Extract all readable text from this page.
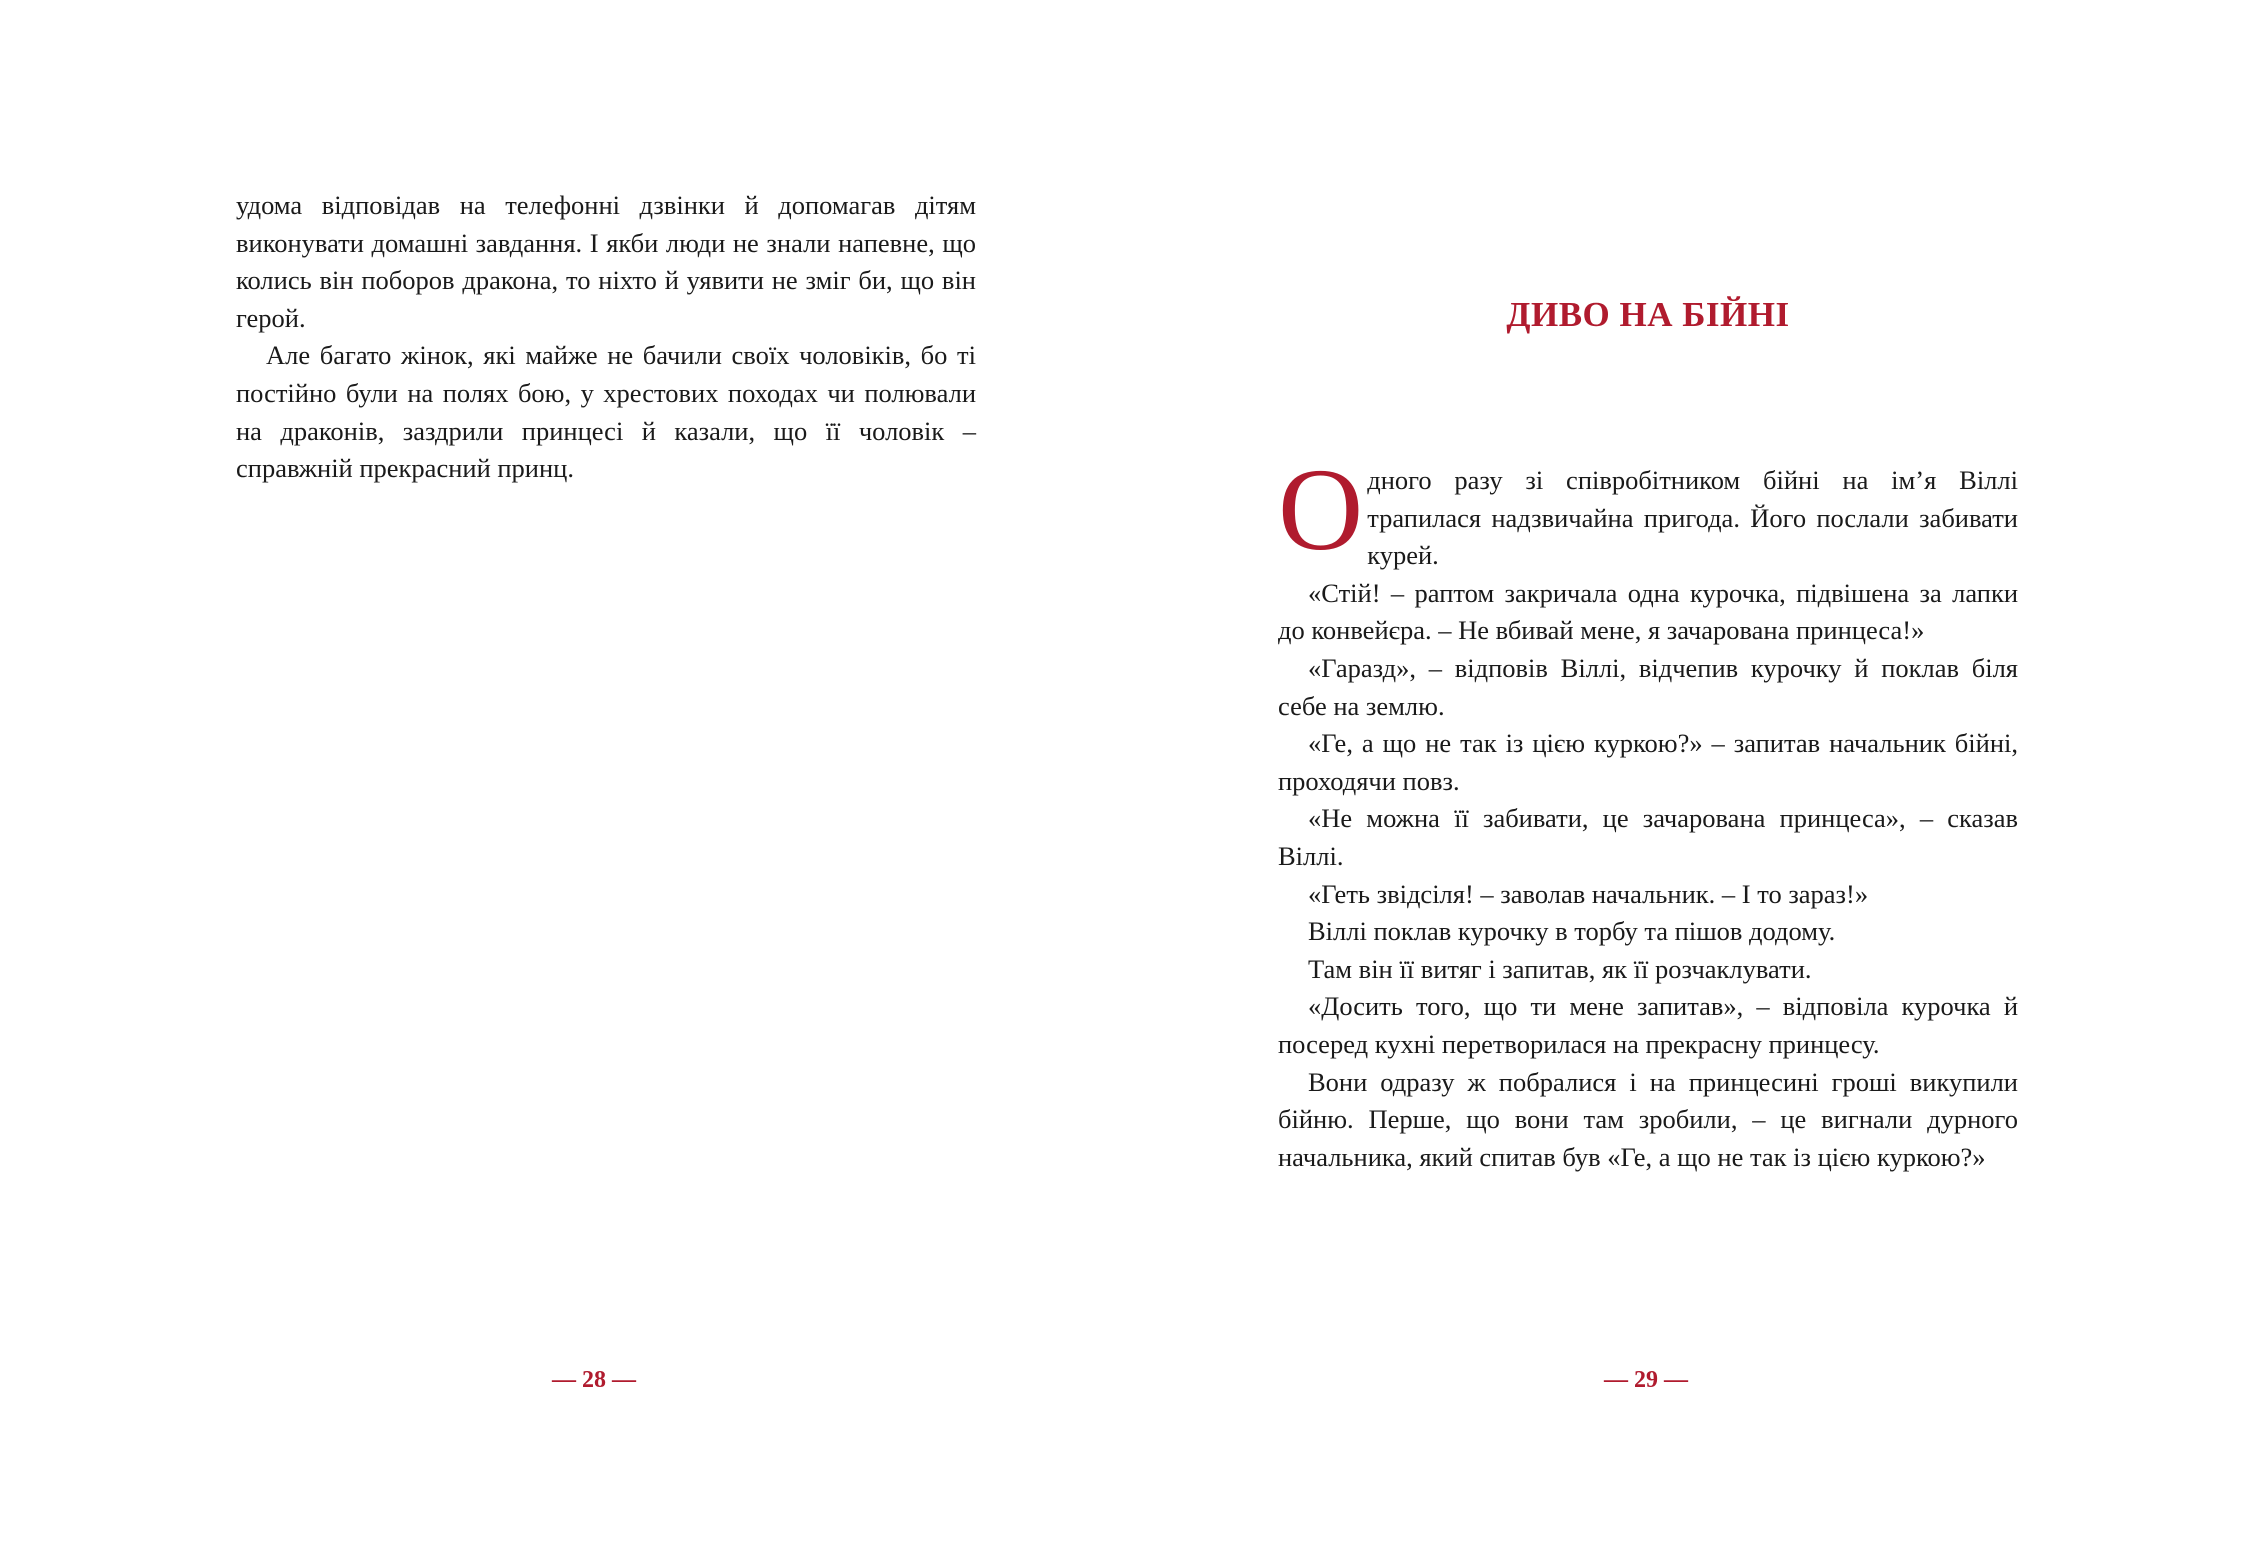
удома відповідав на телефонні дзвінки й допомагав дітям виконувати домашні завдання. І якби люди не знали напевне, що колись він поборов дракона, то ніхто й уявити не зміг би, що він герой.

Але багато жінок, які майже не бачили своїх чоловіків, бо ті постійно були на полях бою, у хрестових походах чи полювали на драконів, заздрили принцесі й казали, що її чоловік – справжній прекрасний принц.

— 28 —
ДИВО НА БІЙНІ

Одного разу зі співробітником бійні на ім’я Віллі трапилася надзвичайна пригода. Його послали забивати курей.

«Стій! – раптом закричала одна курочка, підвішена за лапки до конвейєра. – Не вбивай мене, я зачарована принцеса!»

«Гаразд», – відповів Віллі, відчепив курочку й поклав біля себе на землю.

«Ге, а що не так із цією куркою?» – запитав начальник бійні, проходячи повз.

«Не можна її забивати, це зачарована принцеса», – сказав Віллі.

«Геть звідсіля! – заволав начальник. – І то зараз!»

Віллі поклав курочку в торбу та пішов додому.

Там він її витяг і запитав, як її розчаклувати.

«Досить того, що ти мене запитав», – відповіла курочка й посеред кухні перетворилася на прекрасну принцесу.

Вони одразу ж побралися і на принцесині гроші викупили бійню. Перше, що вони там зробили, – це вигнали дурного начальника, який спитав був «Ге, а що не так із цією куркою?»

— 29 —
